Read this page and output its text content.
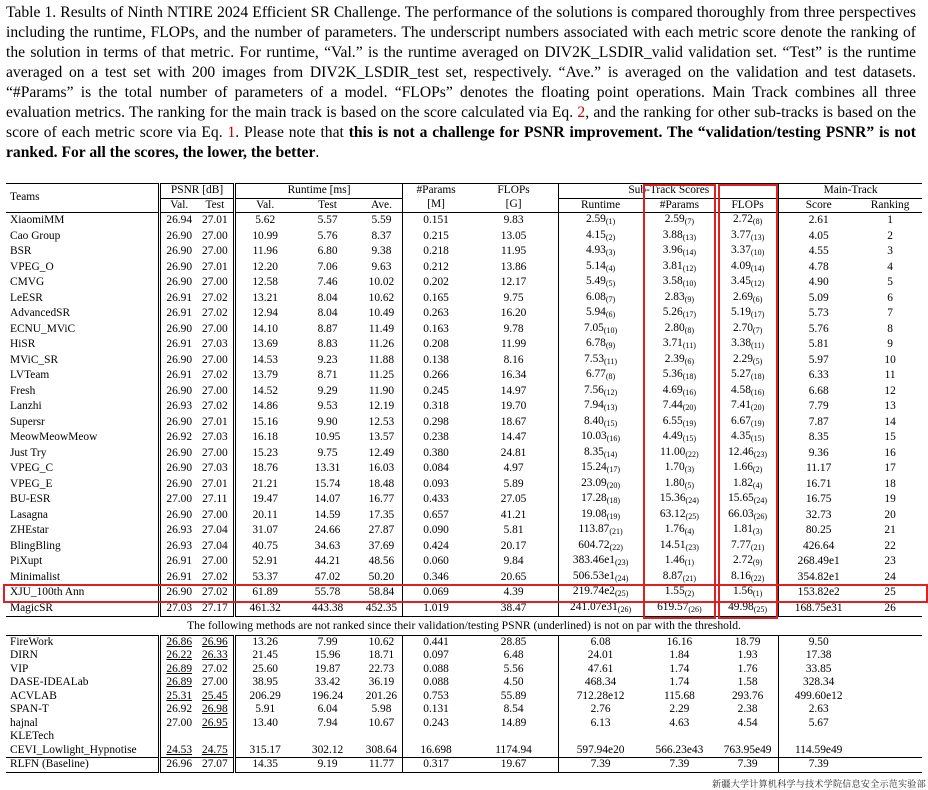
Table 1. Results of Ninth NTIRE 2024 Efficient SR Challenge. The performance of the solutions is compared thoroughly from three perspectives including the runtime, FLOPs, and the number of parameters. The underscript numbers associated with each metric score denote the ranking of the solution in terms of that metric. For runtime, “Val.” is the runtime averaged on DIV2K_LSDIR_valid validation set. “Test” is the runtime averaged on a test set with 200 images from DIV2K_LSDIR_test set, respectively. “Ave.” is averaged on the validation and test datasets. “#Params” is the total number of parameters of a model. “FLOPs” denotes the floating point operations. Main Track combines all three evaluation metrics. The ranking for the main track is based on the score calculated via Eq. 2, and the ranking for other sub-tracks is based on the score of each metric score via Eq. 1. Please note that this is not a challenge for PSNR improvement. The “validation/testing PSNR” is not ranked. For all the scores, the lower, the better.
Teams	PSNR [dB]		Runtime [ms]			#Params	FLOPs	Sub-Track Scores			Main-Track	
	Val.	Test	Val.	Test	Ave.	[M]	[G]	Runtime	#Params	FLOPs	Score	Ranking
XiaomiMM	26.94	27.01	5.62	5.57	5.59	0.151	9.83	$2.59_{(1)}$	$2.59_{(7)}$	$2.72_{(8)}$	2.61	1
Cao Group	26.90	27.00	10.99	5.76	8.37	0.215	13.05	$4.15_{(2)}$	$3.88_{(13)}$	$3.77_{(13)}$	4.05	2
BSR	26.90	27.00	11.96	6.80	9.38	0.218	11.95	$4.93_{(3)}$	$3.96_{(14)}$	$3.37_{(10)}$	4.55	3
VPEG_O	26.90	27.01	12.20	7.06	9.63	0.212	13.86	$5.14_{(4)}$	$3.81_{(12)}$	$4.09_{(14)}$	4.78	4
CMVG	26.90	27.00	12.58	7.46	10.02	0.202	12.17	$5.49_{(5)}$	$3.58_{(10)}$	$3.45_{(12)}$	4.90	5
LeESR	26.91	27.02	13.21	8.04	10.62	0.165	9.75	$6.08_{(7)}$	$2.83_{(9)}$	$2.69_{(6)}$	5.09	6
AdvancedSR	26.91	27.02	12.94	8.04	10.49	0.263	16.20	$5.94_{(6)}$	$5.26_{(17)}$	$5.19_{(17)}$	5.73	7
ECNU_MViC	26.90	27.00	14.10	8.87	11.49	0.163	9.78	$7.05_{(10)}$	$2.80_{(8)}$	$2.70_{(7)}$	5.76	8
HiSR	26.91	27.03	13.69	8.83	11.26	0.208	11.99	$6.78_{(9)}$	$3.71_{(11)}$	$3.38_{(11)}$	5.81	9
MViC_SR	26.90	27.00	14.53	9.23	11.88	0.138	8.16	$7.53_{(11)}$	$2.39_{(6)}$	$2.29_{(5)}$	5.97	10
LVTeam	26.91	27.02	13.79	8.71	11.25	0.266	16.34	$6.77_{(8)}$	$5.36_{(18)}$	$5.27_{(18)}$	6.33	11
Fresh	26.90	27.00	14.52	9.29	11.90	0.245	14.97	$7.56_{(12)}$	$4.69_{(16)}$	$4.58_{(16)}$	6.68	12
Lanzhi	26.93	27.02	14.86	9.53	12.19	0.318	19.70	$7.94_{(13)}$	$7.44_{(20)}$	$7.41_{(20)}$	7.79	13
Supersr	26.90	27.01	15.16	9.90	12.53	0.298	18.67	$8.40_{(15)}$	$6.55_{(19)}$	$6.67_{(19)}$	7.87	14
MeowMeowMeow	26.92	27.03	16.18	10.95	13.57	0.238	14.47	$10.03_{(16)}$	$4.49_{(15)}$	$4.35_{(15)}$	8.35	15
Just Try	26.90	27.00	15.23	9.75	12.49	0.380	24.81	$8.35_{(14)}$	$11.00_{(22)}$	$12.46_{(23)}$	9.36	16
VPEG_C	26.90	27.03	18.76	13.31	16.03	0.084	4.97	$15.24_{(17)}$	$1.70_{(3)}$	$1.66_{(2)}$	11.17	17
VPEG_E	26.90	27.01	21.21	15.74	18.48	0.093	5.89	$23.09_{(20)}$	$1.80_{(5)}$	$1.82_{(4)}$	16.71	18
BU-ESR	27.00	27.11	19.47	14.07	16.77	0.433	27.05	$17.28_{(18)}$	$15.36_{(24)}$	$15.65_{(24)}$	16.75	19
Lasagna	26.90	27.00	20.11	14.59	17.35	0.657	41.21	$19.08_{(19)}$	$63.12_{(25)}$	$66.03_{(26)}$	32.73	20
ZHEstar	26.93	27.04	31.07	24.66	27.87	0.090	5.81	$113.87_{(21)}$	$1.76_{(4)}$	$1.81_{(3)}$	80.25	21
BlingBling	26.93	27.04	40.75	34.63	37.69	0.424	20.17	$604.72_{(22)}$	$14.51_{(23)}$	$7.77_{(21)}$	426.64	22
PiXupt	26.91	27.00	52.91	44.21	48.56	0.060	9.84	$383.46e1_{(23)}$	$1.46_{(1)}$	$2.72_{(9)}$	268.49e1	23
Minimalist	26.91	27.02	53.37	47.02	50.20	0.346	20.65	$506.53e1_{(24)}$	$8.87_{(21)}$	$8.16_{(22)}$	354.82e1	24
XJU_100th Ann	26.90	27.02	61.89	55.78	58.84	0.069	4.39	$219.74e2_{(25)}$	$1.55_{(2)}$	$1.56_{(1)}$	153.82e2	25
MagicSR	27.03	27.17	461.32	443.38	452.35	1.019	38.47	$241.07e31_{(26)}$	$619.57_{(26)}$	$49.98_{(25)}$	168.75e31	26
The following methods are not ranked since their validation/testing PSNR (underlined) is not on par with the threshold.												
FireWork	26.86	26.96	13.26	7.99	10.62	0.441	28.85	6.08	16.16	18.79	9.50	
DIRN	26.22	26.33	21.45	15.96	18.71	0.097	6.48	24.01	1.84	1.93	17.38	
VIP	26.89	27.02	25.60	19.87	22.73	0.088	5.56	47.61	1.74	1.76	33.85	
DASE-IDEALab	26.89	27.00	38.95	33.42	36.19	0.088	4.50	468.34	1.74	1.58	328.34	
ACVLAB	25.31	25.45	206.29	196.24	201.26	0.753	55.89	712.28e12	115.68	293.76	499.60e12	
SPAN-T	26.92	26.98	5.91	6.04	5.98	0.131	8.54	2.76	2.29	2.38	2.63	
hajnal	27.00	26.95	13.40	7.94	10.67	0.243	14.89	6.13	4.63	4.54	5.67	
KLETech												
CEVI_Lowlight_Hypnotise	24.53	24.75	315.17	302.12	308.64	16.698	1174.94	597.94e20	566.23e43	763.95e49	114.59e49	
RLFN (Baseline)	26.96	27.07	14.35	9.19	11.77	0.317	19.67	7.39	7.39	7.39	7.39	
新疆大学计算机科学与技术学院信息安全示范实验部
